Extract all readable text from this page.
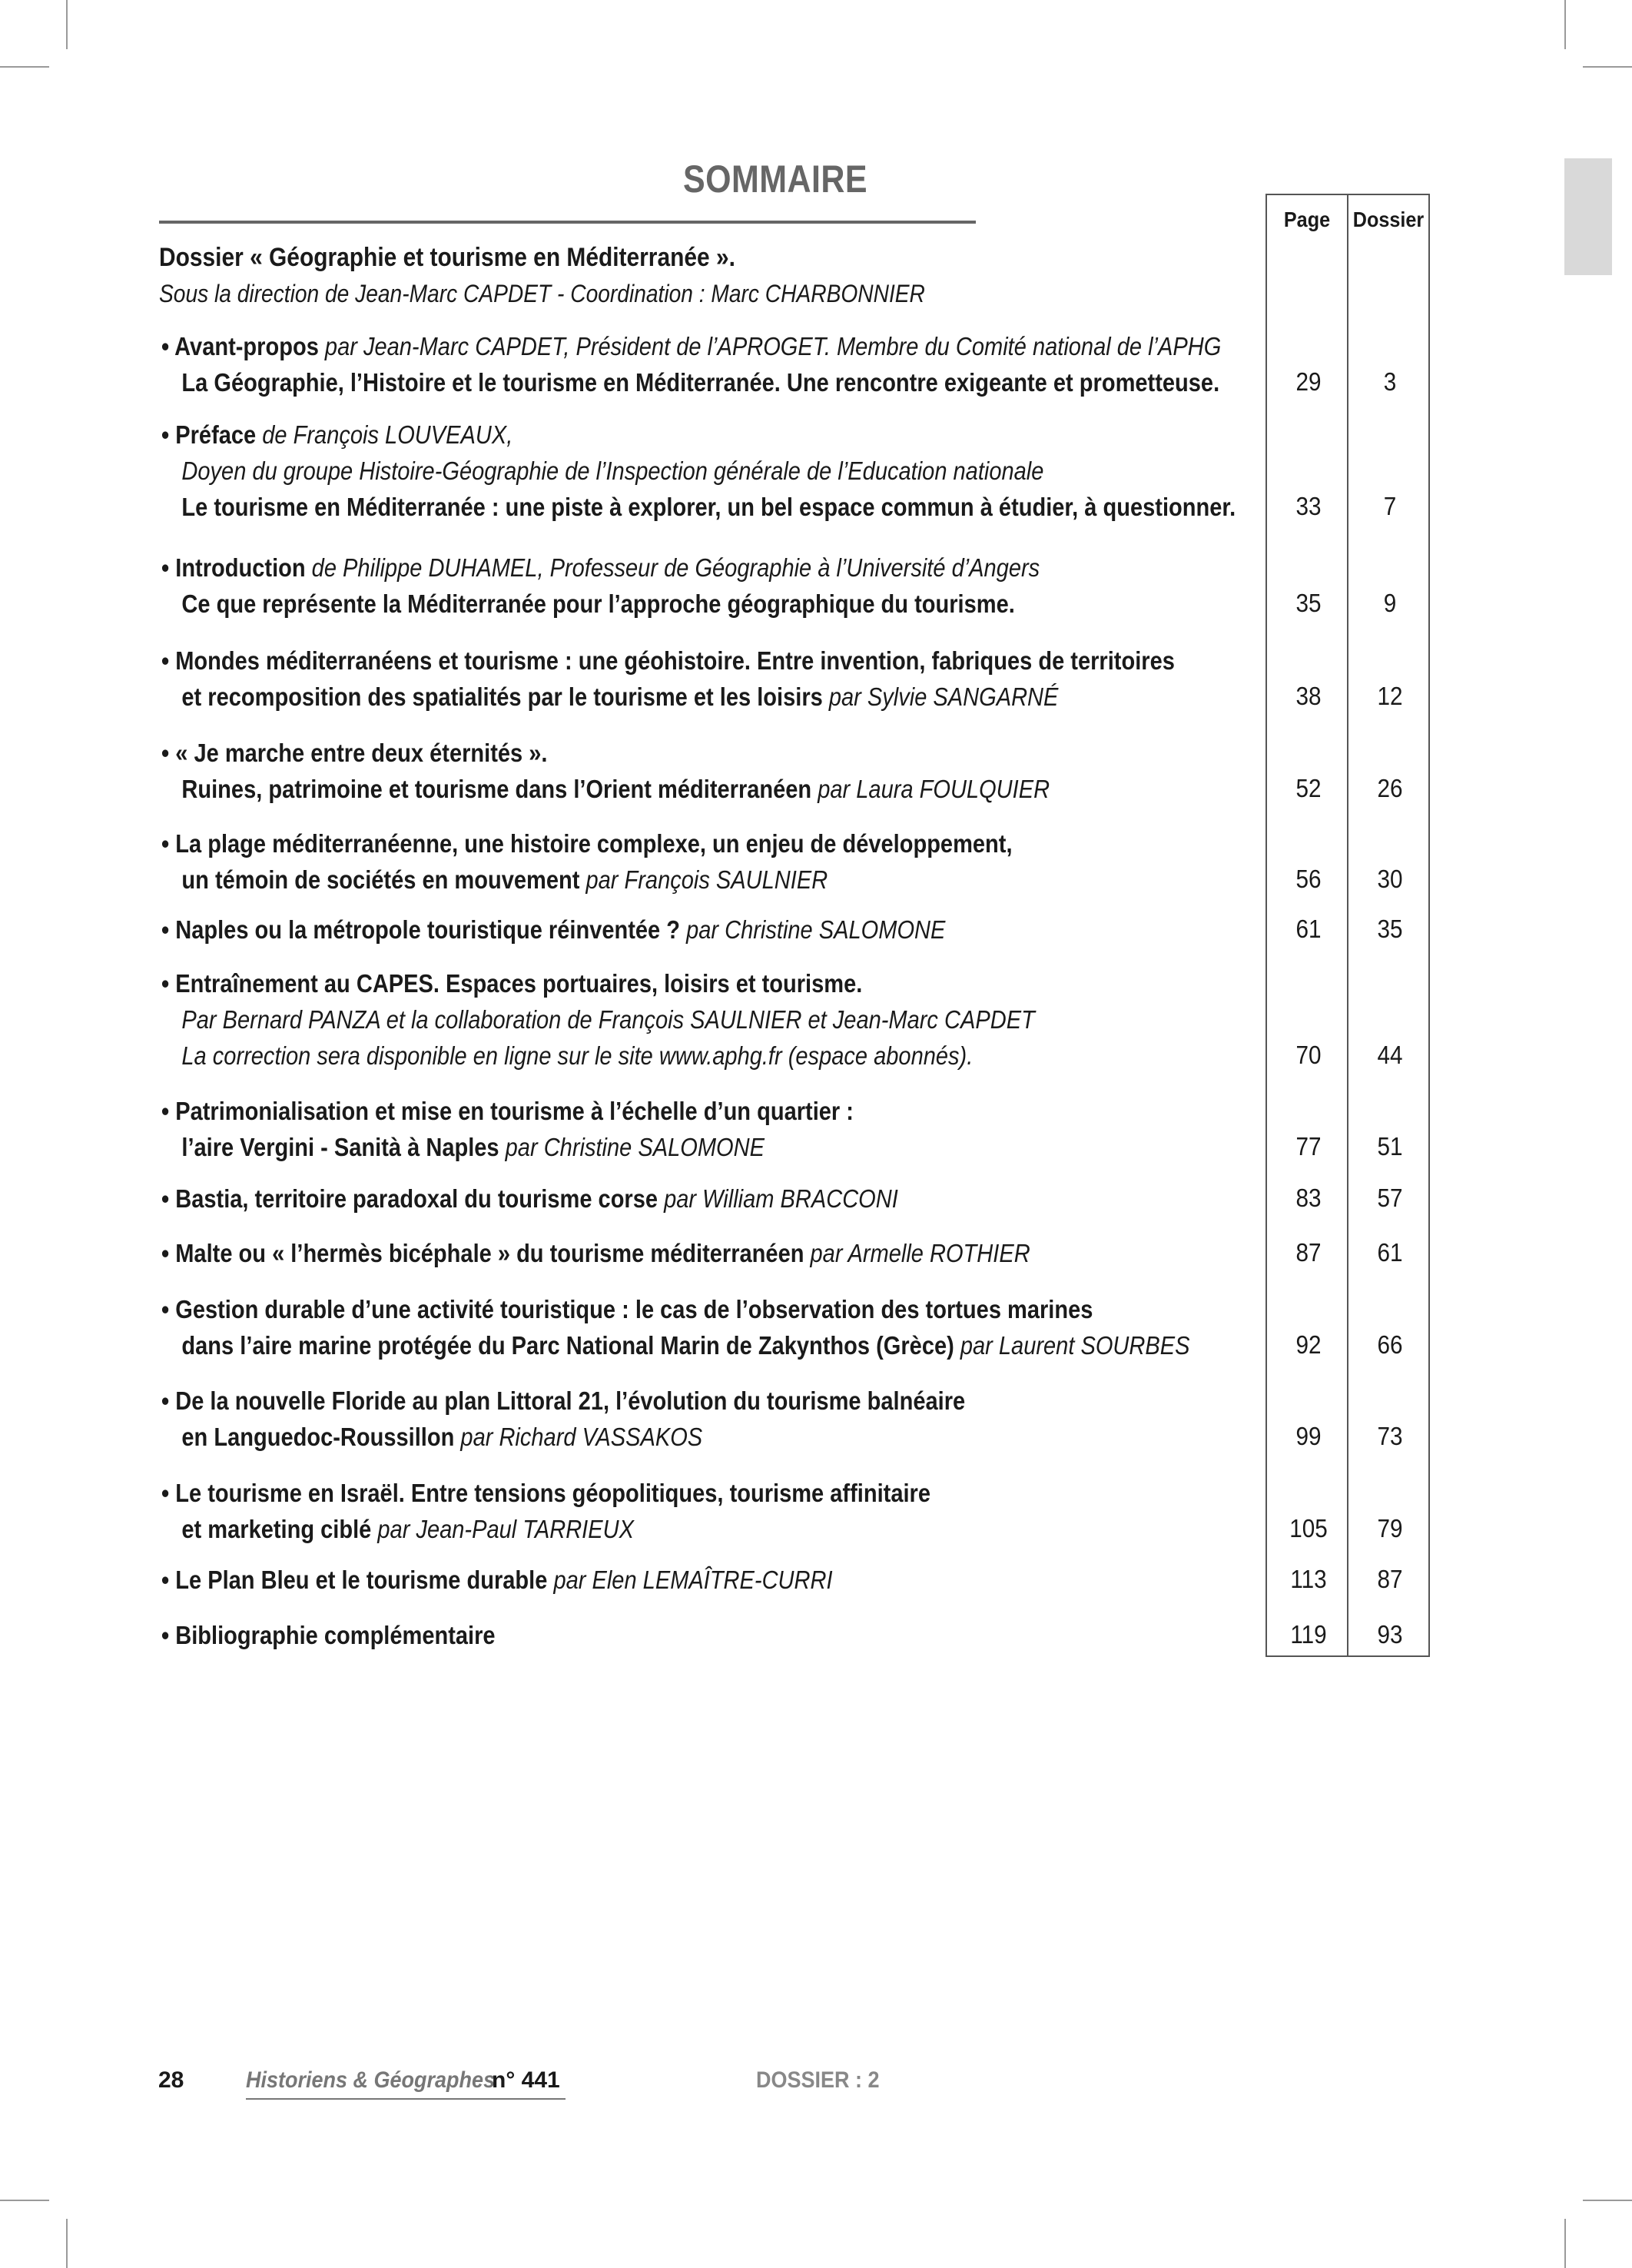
SOMMAIRE
Page	Dossier
Dossier « Géographie et tourisme en Méditerranée ».
Sous la direction de Jean-Marc CAPDET - Coordination : Marc CHARBONNIER
• Avant-propos par Jean-Marc CAPDET, Président de l’APROGET. Membre du Comité national de l’APHG
La Géographie, l’Histoire et le tourisme en Méditerranée. Une rencontre exigeante et prometteuse.	29	3
• Préface de François LOUVEAUX,
Doyen du groupe Histoire-Géographie de l’Inspection générale de l’Education nationale
Le tourisme en Méditerranée : une piste à explorer, un bel espace commun à étudier, à questionner.	33	7
• Introduction de Philippe DUHAMEL, Professeur de Géographie à l’Université d’Angers
Ce que représente la Méditerranée pour l’approche géographique du tourisme.	35	9
• Mondes méditerranéens et tourisme : une géohistoire. Entre invention, fabriques de territoires
et recomposition des spatialités par le tourisme et les loisirs par Sylvie SANGARNÉ	38	12
• « Je marche entre deux éternités ».
Ruines, patrimoine et tourisme dans l’Orient méditerranéen par Laura FOULQUIER	52	26
• La plage méditerranéenne, une histoire complexe, un enjeu de développement,
un témoin de sociétés en mouvement par François SAULNIER	56	30
• Naples ou la métropole touristique réinventée ? par Christine SALOMONE	61	35
• Entraînement au CAPES. Espaces portuaires, loisirs et tourisme.
Par Bernard PANZA et la collaboration de François SAULNIER et Jean-Marc CAPDET
La correction sera disponible en ligne sur le site www.aphg.fr (espace abonnés).	70	44
• Patrimonialisation et mise en tourisme à l’échelle d’un quartier :
l’aire Vergini - Sanità à Naples par Christine SALOMONE	77	51
• Bastia, territoire paradoxal du tourisme corse par William BRACCONI	83	57
• Malte ou « l’hermès bicéphale » du tourisme méditerranéen par Armelle ROTHIER	87	61
• Gestion durable d’une activité touristique : le cas de l’observation des tortues marines
dans l’aire marine protégée du Parc National Marin de Zakynthos (Grèce) par Laurent SOURBES	92	66
• De la nouvelle Floride au plan Littoral 21, l’évolution du tourisme balnéaire
en Languedoc-Roussillon par Richard VASSAKOS	99	73
• Le tourisme en Israël. Entre tensions géopolitiques, tourisme affinitaire
et marketing ciblé par Jean-Paul TARRIEUX	105	79
• Le Plan Bleu et le tourisme durable par Elen LEMAÎTRE-CURRI	113	87
• Bibliographie complémentaire	119	93
28	Historiens & Géographes
n° 441	DOSSIER : 2
